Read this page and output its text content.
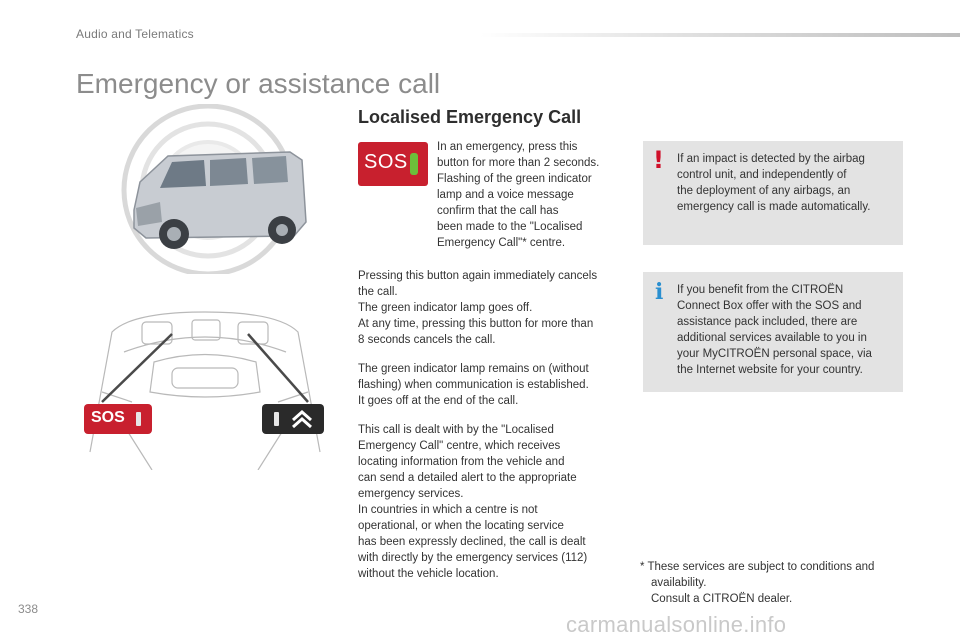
Audio and Telematics
Emergency or assistance call
Localised Emergency Call
SOS
SOS
In an emergency, press this
button for more than 2 seconds.
Flashing of the green indicator
lamp and a voice message
confirm that the call has
been made to the "Localised
Emergency Call"* centre.
Pressing this button again immediately cancels
the call.
The green indicator lamp goes off.
At any time, pressing this button for more than
8 seconds cancels the call.
The green indicator lamp remains on (without
flashing) when communication is established.
It goes off at the end of the call.
This call is dealt with by the "Localised
Emergency Call" centre, which receives
locating information from the vehicle and
can send a detailed alert to the appropriate
emergency services.
In countries in which a centre is not
operational, or when the locating service
has been expressly declined, the call is dealt
with directly by the emergency services (112)
without the vehicle location.
! If an impact is detected by the airbag
control unit, and independently of
the deployment of any airbags, an
emergency call is made automatically.
i If you benefit from the CITROËN
Connect Box offer with the SOS and
assistance pack included, there are
additional services available to you in
your MyCITROËN personal space, via
the Internet website for your country.
* These services are subject to conditions and
availability.
Consult a CITROËN dealer.
338
carmanualsonline.info
